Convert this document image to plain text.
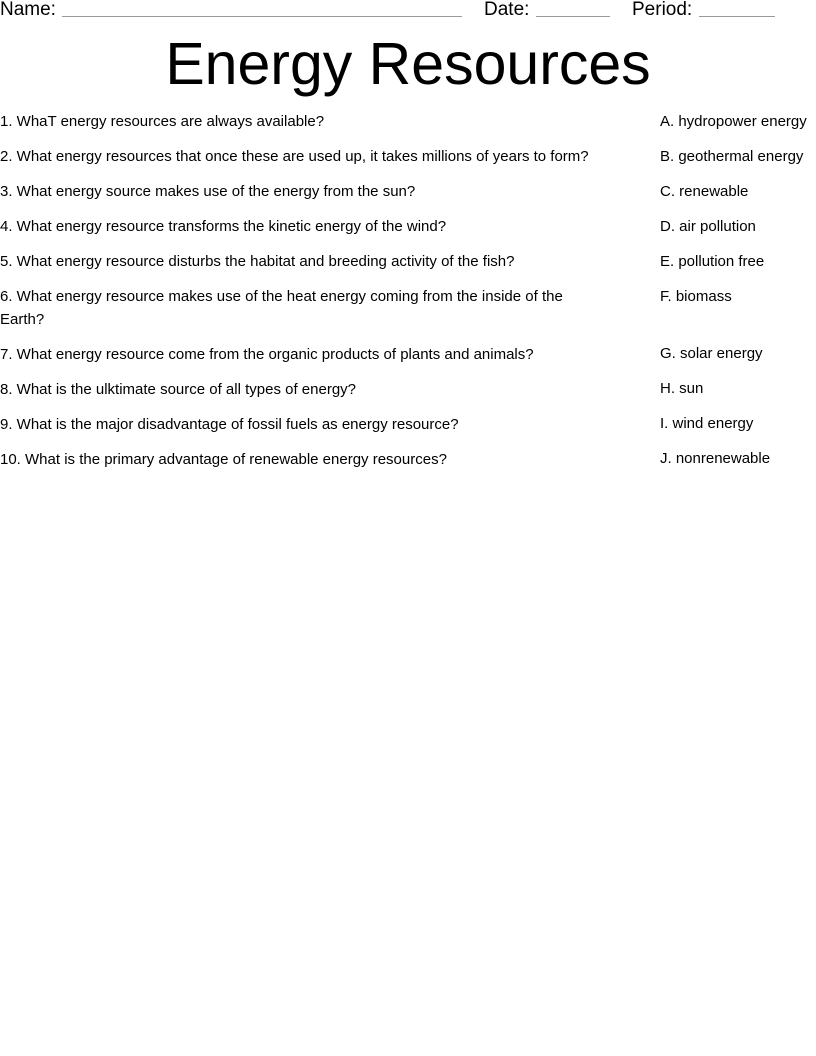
Name:	Date:	Period:
Energy Resources
1. WhaT energy resources are always available?
2. What energy resources that once these are used up, it takes millions of years to form?
3. What energy source makes use of the energy from the sun?
4. What energy resource transforms the kinetic energy of the wind?
5. What energy resource disturbs the habitat and breeding activity of the fish?
6. What energy resource makes use of the heat energy coming from the inside of the Earth?
7. What energy resource come from the organic products of plants and animals?
8. What is the ulktimate source of all types of energy?
9. What is the major disadvantage of fossil fuels as energy resource?
10. What is the primary advantage of renewable energy resources?
A. hydropower energy
B. geothermal energy
C. renewable
D. air pollution
E. pollution free
F. biomass
G. solar energy
H. sun
I. wind energy
J. nonrenewable
